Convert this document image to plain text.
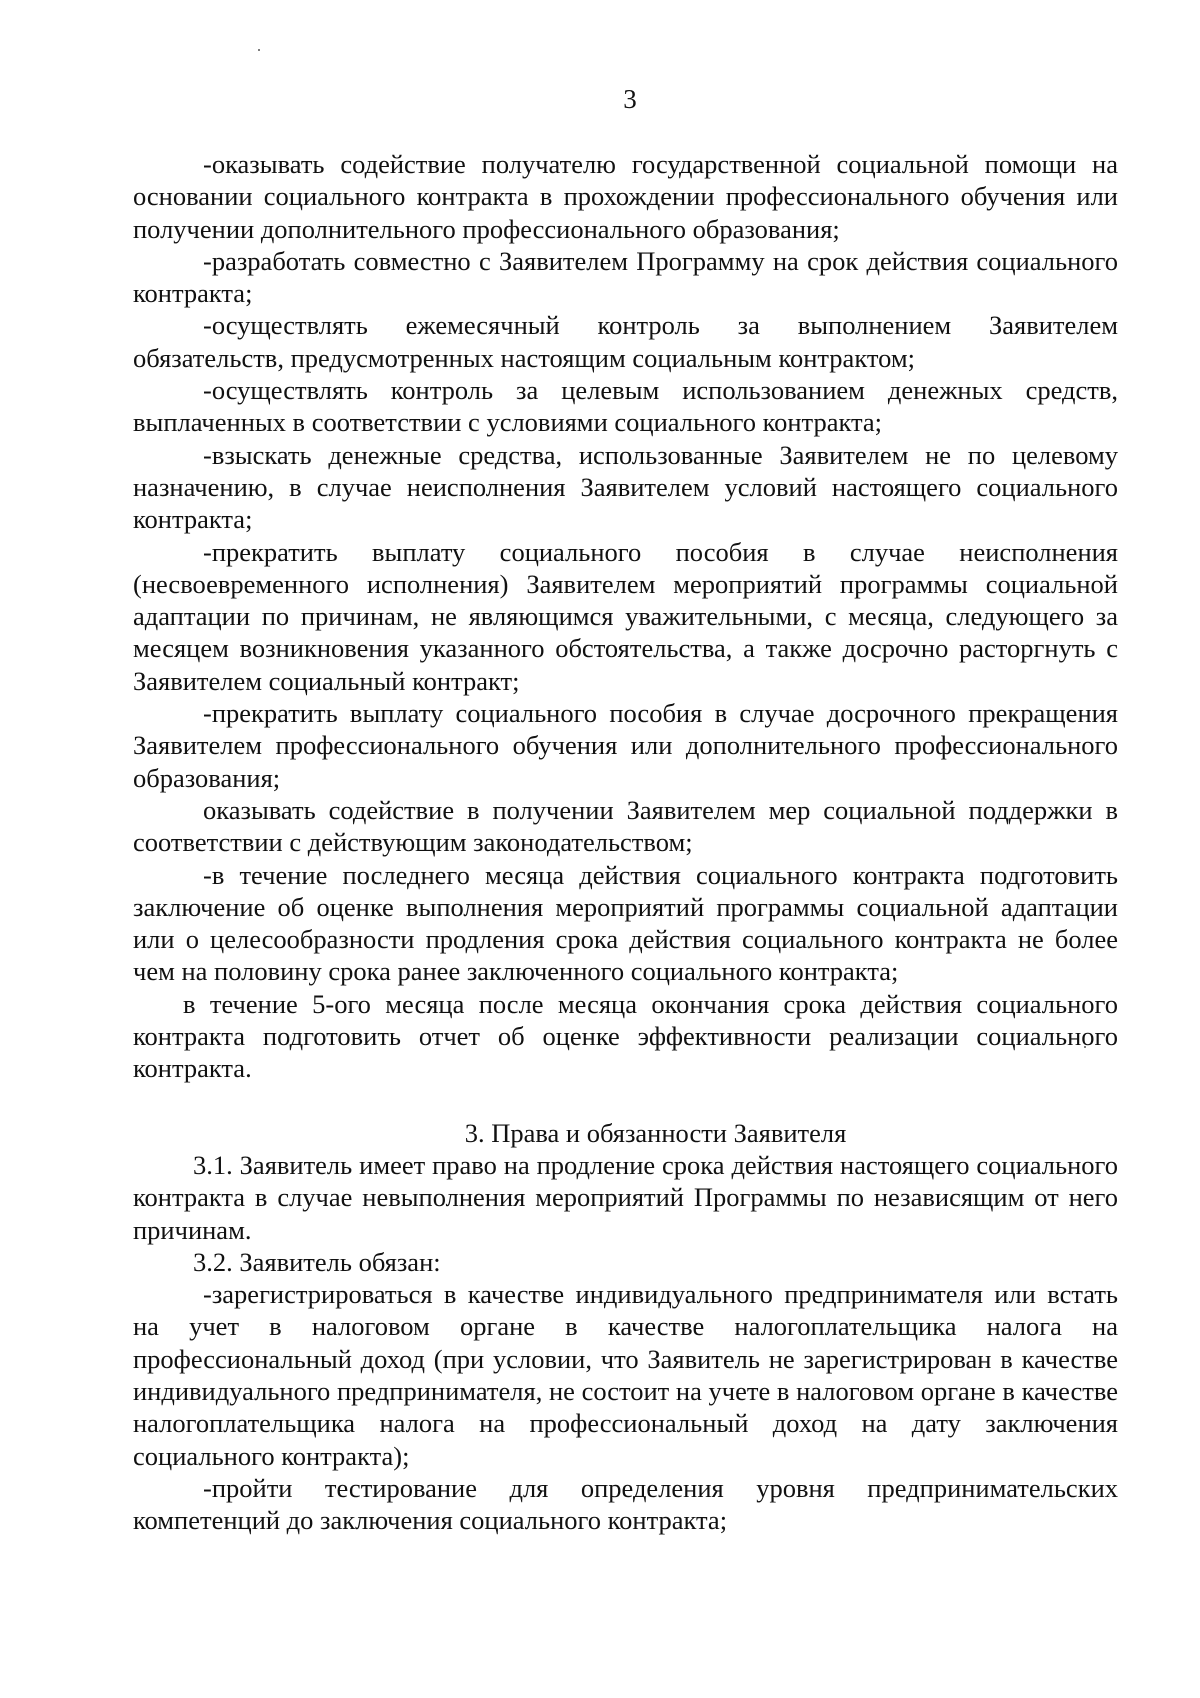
3

-оказывать содействие получателю государственной социальной помощи на основании социального контракта в прохождении профессионального обучения или получении дополнительного профессионального образования;

-разработать совместно с Заявителем Программу на срок действия социального контракта;

-осуществлять ежемесячный контроль за выполнением Заявителем обязательств, предусмотренных настоящим социальным контрактом;

-осуществлять контроль за целевым использованием денежных средств, выплаченных в соответствии с условиями социального контракта;

-взыскать денежные средства, использованные Заявителем не по целевому назначению, в случае неисполнения Заявителем условий настоящего социального контракта;

-прекратить выплату социального пособия в случае неисполнения (несвоевременного исполнения) Заявителем мероприятий программы социальной адаптации по причинам, не являющимся уважительными, с месяца, следующего за месяцем возникновения указанного обстоятельства, а также досрочно расторгнуть с Заявителем социальный контракт;

-прекратить выплату социального пособия в случае досрочного прекращения Заявителем профессионального обучения или дополнительного профессионального образования;

оказывать содействие в получении Заявителем мер социальной поддержки в соответствии с действующим законодательством;

-в течение последнего месяца действия социального контракта подготовить заключение об оценке выполнения мероприятий программы социальной адаптации или о целесообразности продления срока действия социального контракта не более чем на половину срока ранее заключенного социального контракта;

в течение 5-ого месяца после месяца окончания срока действия социального контракта подготовить отчет об оценке эффективности реализации социального контракта.

3. Права и обязанности Заявителя

3.1. Заявитель имеет право на продление срока действия настоящего социального контракта в случае невыполнения мероприятий Программы по независящим от него причинам.

3.2. Заявитель обязан:

-зарегистрироваться в качестве индивидуального предпринимателя или встать на учет в налоговом органе в качестве налогоплательщика налога на профессиональный доход (при условии, что Заявитель не зарегистрирован в качестве индивидуального предпринимателя, не состоит на учете в налоговом органе в качестве налогоплательщика налога на профессиональный доход на дату заключения социального контракта);

-пройти тестирование для определения уровня предпринимательских компетенций до заключения социального контракта;
